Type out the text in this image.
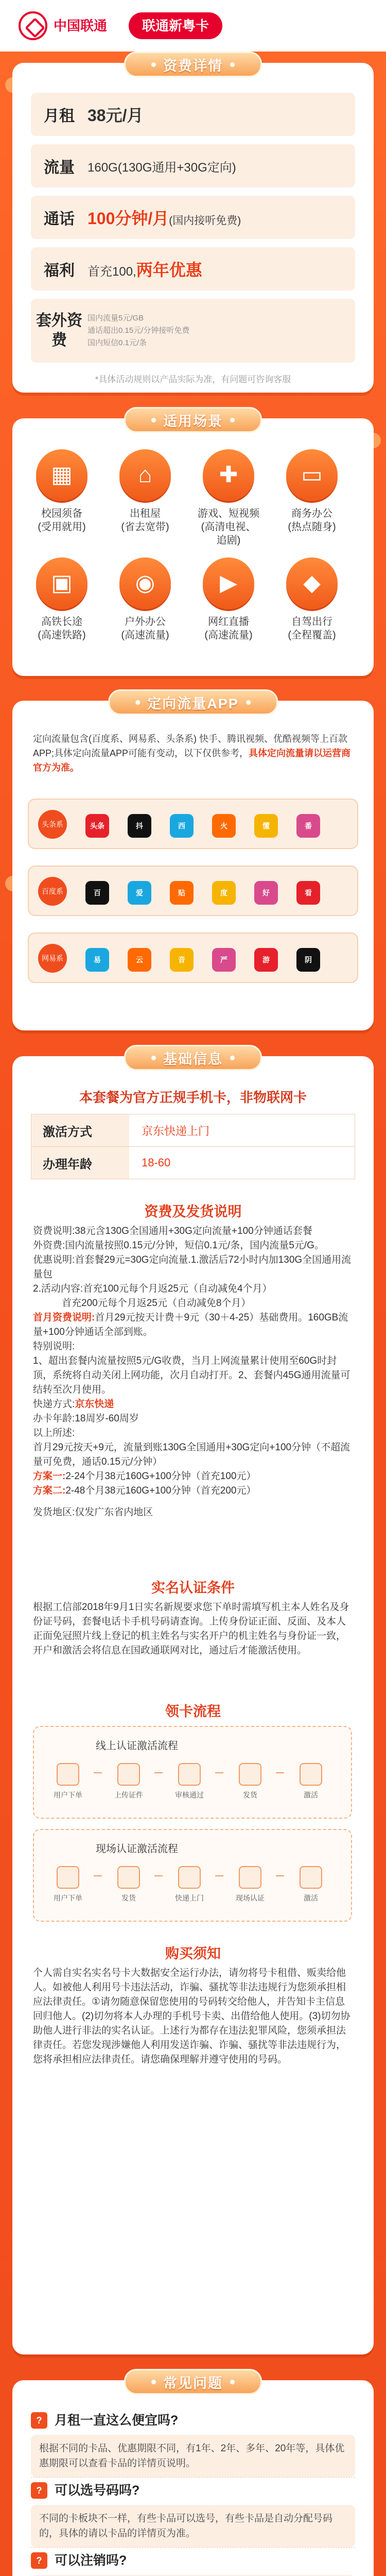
中国联通	联通新粤卡
资费详情
月租 38元/月
流量	160G(130G通用+30G定向)
通话 100分钟/月(国内接听免费)
福利	首充100,两年优惠
套外资费
国内流量5元/GB
通话超出0.15元/分钟接听免费
国内短信0.1元/条
*具体活动规则以产品实际为准，有问题可咨询客服
适用场景
▦
校园须备
(受用就用)
⌂
出租屋
(省去宽带)
✚
游戏、短视频
(高清电视、追剧)
▭
商务办公
(热点随身)
▣
高铁长途
(高速铁路)
◉
户外办公
(高速流量)
▶
网红直播
(高速流量)
◆
自驾出行
(全程覆盖)
定向流量APP
定向流量包含(百度系、网易系、头条系) 快手、腾讯视频、优酷视频等上百款APP;具体定向流量APP可能有变动，以下仅供参考，具体定向流量请以运营商官方为准。
头条系	头条	抖	西	火	懂	番
百度系	百	爱	贴	度	好	看
网易系	易	云	音	严	游	阴
基础信息
本套餐为官方正规手机卡，非物联网卡
激活方式	京东快递上门
办理年龄	18-60
资费及发货说明
资费说明:38元含130G全国通用+30G定向流量+100分钟通话套餐
外资费:国内流量按照0.15元/分钟，短信0.1元/条，国内流量5元/G。
优惠说明:首套餐29元=30G定向流量.1.激活后72小时内加130G全国通用流量包
2.活动内容:首充100元每个月返25元（自动减免4个月）
首充200元每个月返25元（自动减免8个月）
首月资费说明:首月29元按天计费＋9元（30＋4-25）基础费用。160GB流量+100分钟通话全部到账。
特别说明:
1、超出套餐内流量按照5元/G收费，当月上网流量累计使用至60G时封顶，系统将自动关闭上网功能，次月自动打开。2、套餐内45G通用流量可结转至次月使用。
快递方式:京东快递
办卡年龄:18周岁-60周岁
以上所述:
首月29元按天+9元，流量到账130G全国通用+30G定向+100分钟（不超流量可免费，通话0.15元/分钟）
方案一:2-24个月38元160G+100分钟（首充100元）
方案二:2-48个月38元160G+100分钟（首充200元）
发货地区:仅发广东省内地区
实名认证条件
根据工信部2018年9月1日实名新规要求您下单时需填写机主本人姓名及身份证号码，套餐电话卡手机号码请查询。上传身份证正面、反面、及本人正面免冠照片线上登记的机主姓名与实名开户的机主姓名与身份证一致，开户和激活会将信息在国政通联网对比，通过后才能激活使用。
领卡流程
线上认证激活流程
用户下单	上传证件	审核通过	发货	激活
现场认证激活流程
用户下单	发货	快递上门	现场认证	激活
购买须知
个人需自实名实名号卡大数据安全运行办法，请勿将号卡租借、贩卖给他人。如被他人利用号卡违法活动，诈骗、骚扰等非法违规行为您须承担相应法律责任。①请勿随意保留您使用的号码转交给他人，并告知卡主信息回归他人。(2)切勿将本人办理的手机号卡卖、出借给他人使用。(3)切勿协助他人进行非法的实名认证。上述行为都存在违法犯罪风险，您须承担法律责任。若您发现涉嫌他人利用发送诈骗、诈骗、骚扰等非法违规行为，您将承担相应法律责任。请您确保理解并遵守使用的号码。
常见问题
? 月租一直这么便宜吗?
根据不同的卡品、优惠期限不同，有1年、2年、多年、20年等，具体优惠期限可以查看卡品的详情页说明。
? 可以选号码吗?
不同的卡板块不一样，有些卡品可以选号，有些卡品是自动分配号码的，具体的请以卡品的详情页为准。
? 可以注销吗?
